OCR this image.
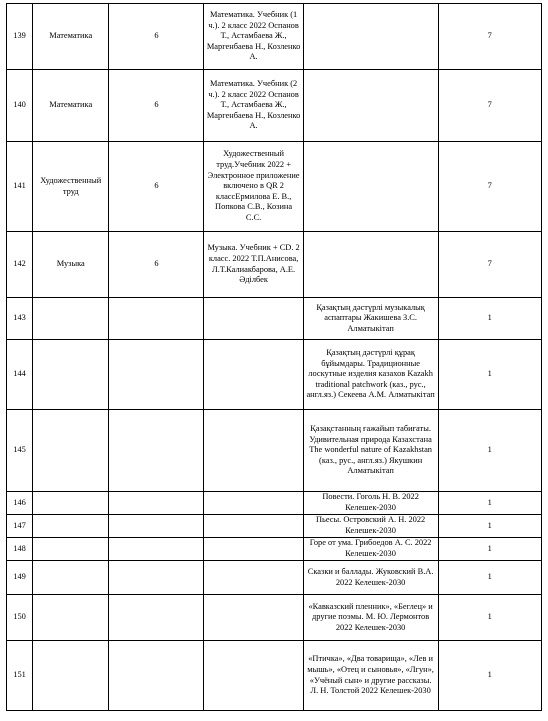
139	Математика	6	Математика. Учебник (1 ч.). 2 класс 2022 Оспанов Т., Астамбаева Ж., Маргенбаева Н., Козленко А.		7
140	Математика	6	Математика. Учебник (2 ч.). 2 класс 2022 Оспанов Т., Астамбаева Ж., Маргенбаева Н., Козленко А.		7
141	Художественный труд	6	Художественный труд.Учебник 2022 + Электронное приложение включено в QR 2 классЕрмилова Е. В., Попкова С.В., Козина С.С.		7
142	Музыка	6	Музыка. Учебник + CD. 2 класс. 2022 Т.П.Анисова, Л.Т.Калиакбарова, А.Е. Әділбек		7
143				Қазақтың дәстүрлі музыкалық аспаптары Жакишева З.С. Алматыкітап	1
144				Қазақтың дәстүрлі құрақ бұйымдары. Традиционные лоскутные изделия казахов Kazakh traditional patchwork (каз., рус., англ.яз.) Секеева А.М. Алматыкітап	1
145				Қазақстанның ғажайып табиғаты. Удивительная природа Казахстана The wonderful nature of Kazakhstan (каз., рус., англ.яз.) Якушкин Алматыкітап	1
146				Повести. Гоголь Н. В. 2022 Келешек-2030	1
147				Пьесы. Островский А. Н. 2022 Келешек-2030	1
148				Горе от ума. Грибоедов А. С. 2022 Келешек-2030	1
149				Сказки и баллады. Жуковский В.А. 2022 Келешек-2030	1
150				«Кавказский пленник», «Беглец» и другие поэмы. М. Ю. Лермонтов 2022 Келешек-2030	1
151				«Птичка», «Два товарища», «Лев и мышь», «Отец и сыновья», «Лгун», «Учёный сын» и другие рассказы. Л. Н. Толстой 2022 Келешек-2030	1
